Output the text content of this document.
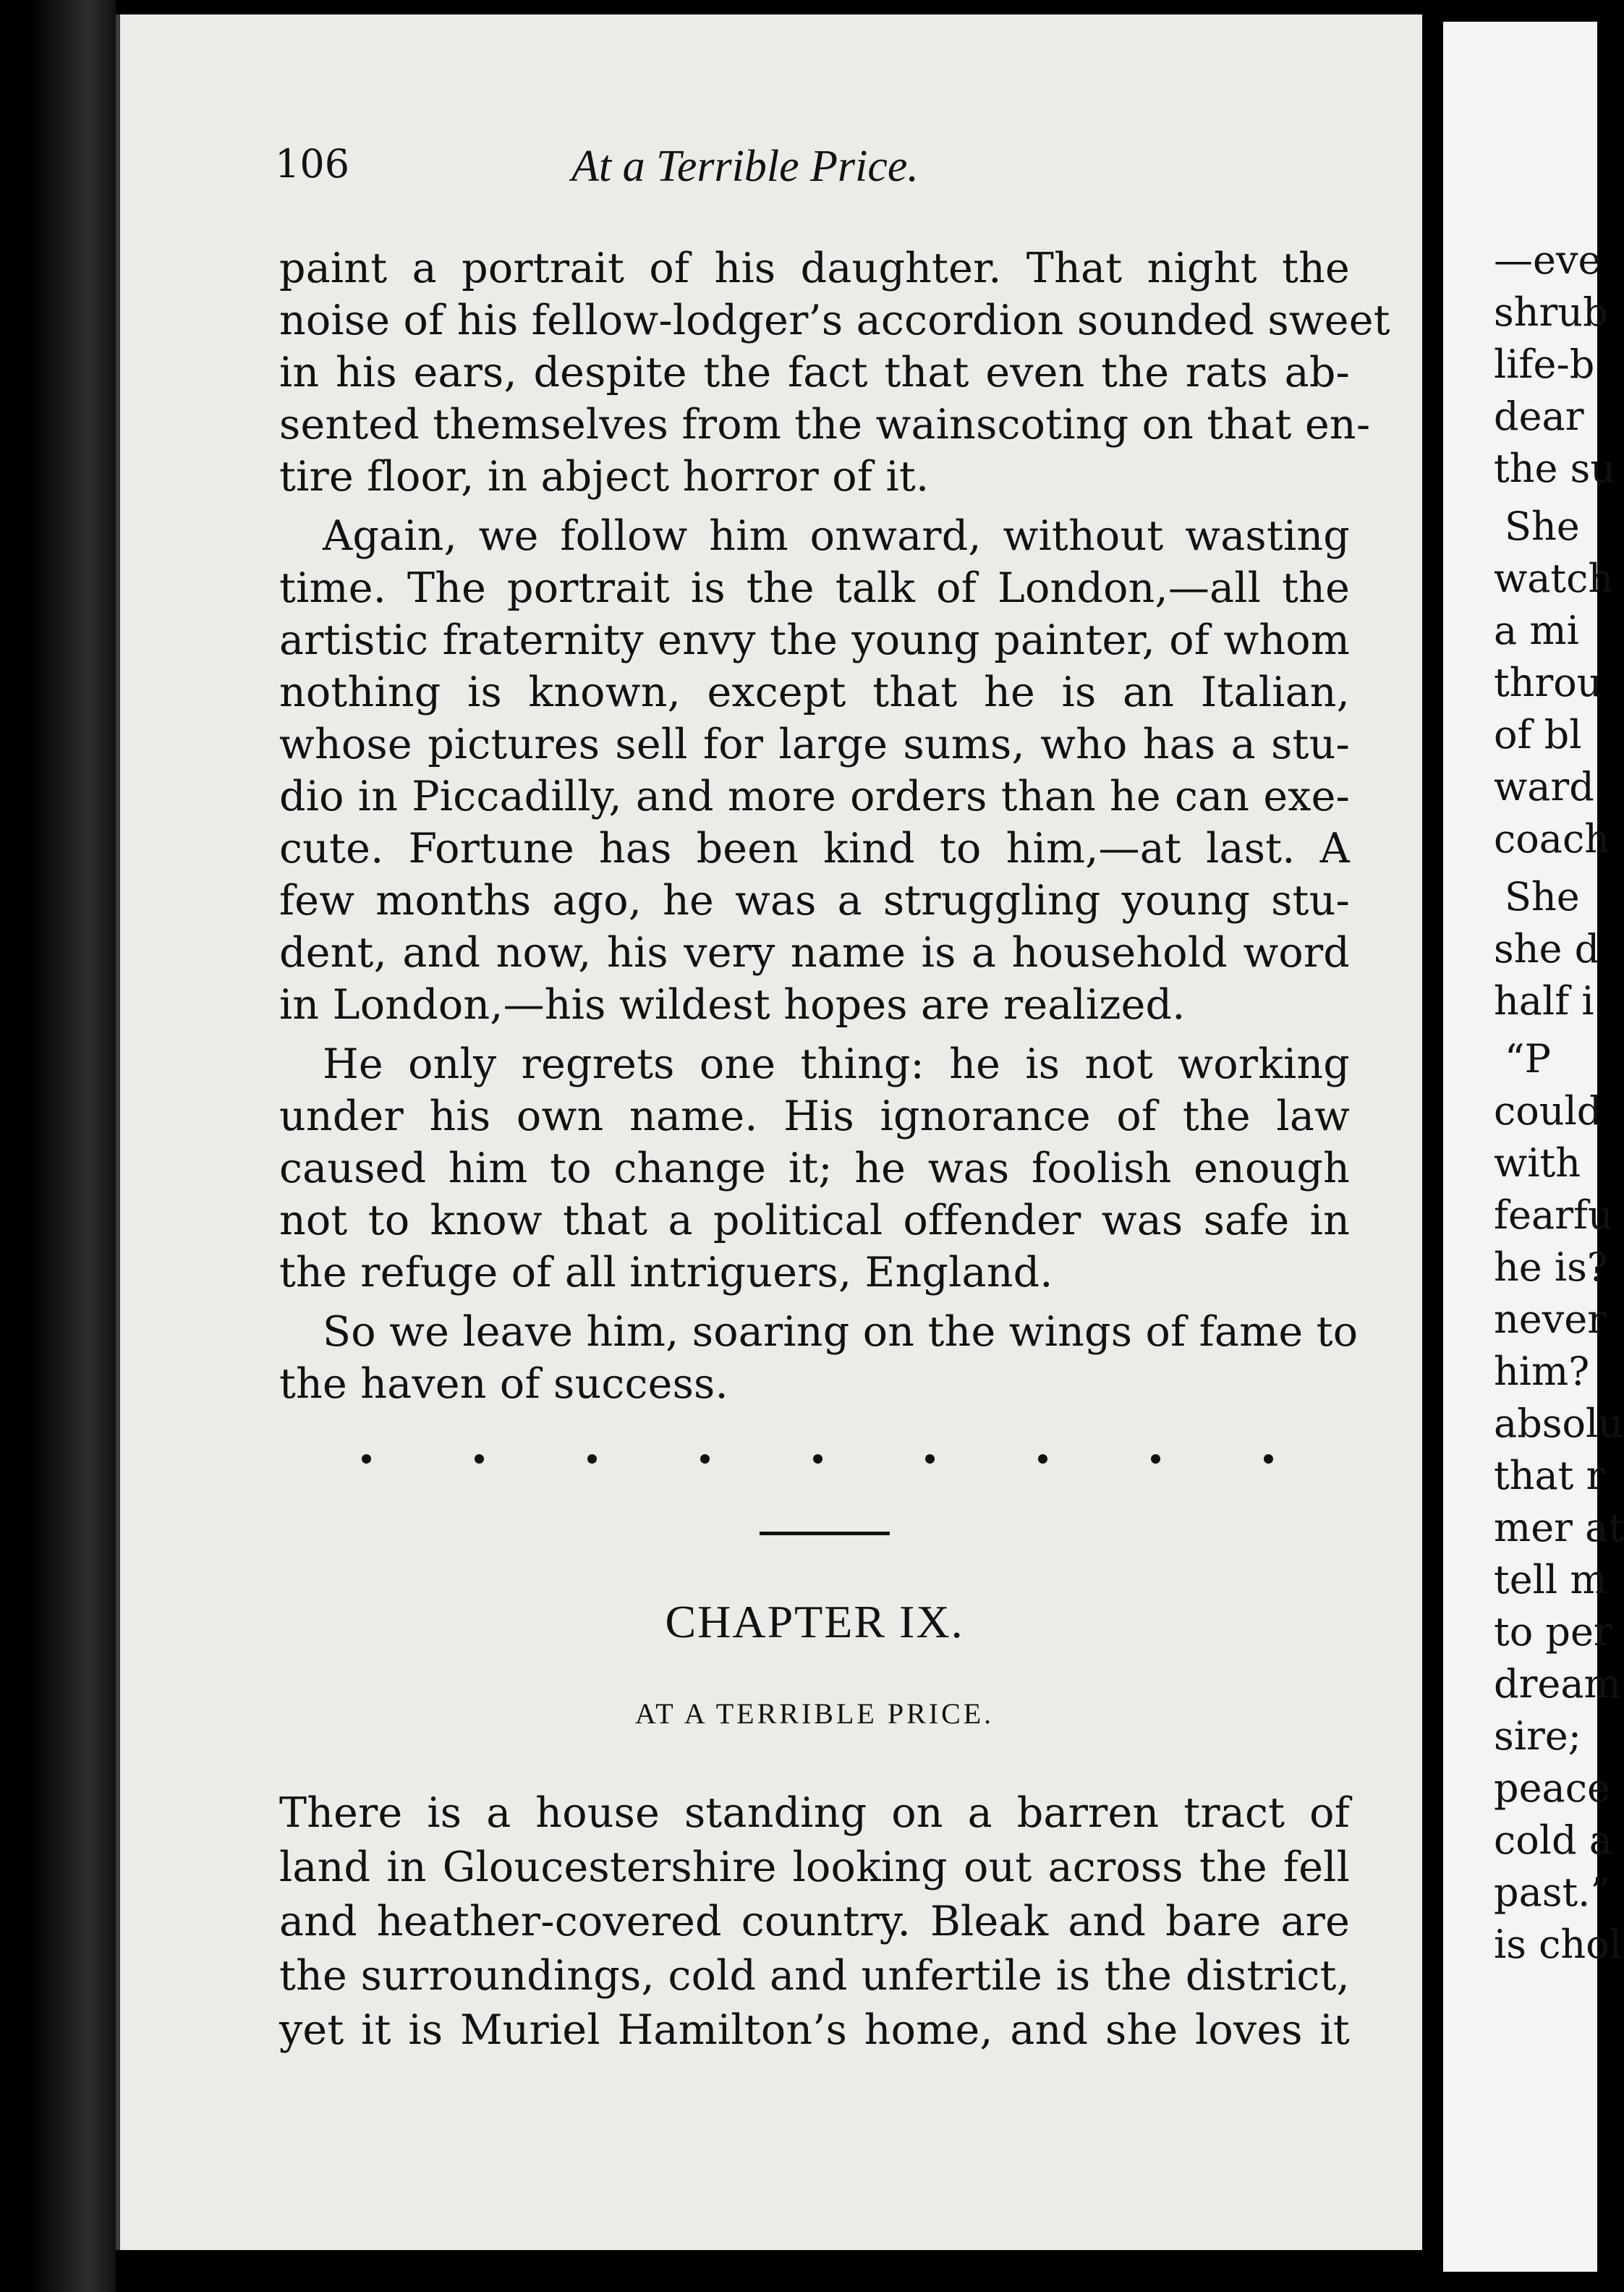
106	At a Terrible Price.
paint a portrait of his daughter. That night the
noise of his fellow-lodger’s accordion sounded sweet
in his ears, despite the fact that even the rats ab-
sented themselves from the wainscoting on that en-
tire floor, in abject horror of it.
Again, we follow him onward, without wasting
time. The portrait is the talk of London,—all the
artistic fraternity envy the young painter, of whom
nothing is known, except that he is an Italian,
whose pictures sell for large sums, who has a stu-
dio in Piccadilly, and more orders than he can exe-
cute. Fortune has been kind to him,—at last. A
few months ago, he was a struggling young stu-
dent, and now, his very name is a household word
in London,—his wildest hopes are realized.
He only regrets one thing: he is not working
under his own name. His ignorance of the law
caused him to change it; he was foolish enough
not to know that a political offender was safe in
the refuge of all intriguers, England.
So we leave him, soaring on the wings of fame to
the haven of success.
CHAPTER IX.
AT A TERRIBLE PRICE.
There is a house standing on a barren tract of
land in Gloucestershire looking out across the fell
and heather-covered country. Bleak and bare are
the surroundings, cold and unfertile is the district,
yet it is Muriel Hamilton’s home, and she loves it
—eve
shrub
life-b
dear
the su
She
watch
a mi
throu
of bl
ward
coach
She
she d
half i
“P
could
with
fearfu
he is?
never
him?
absolu
that r
mer at
tell m
to per
dream
sire;
peace
cold a
past.”
is chol
